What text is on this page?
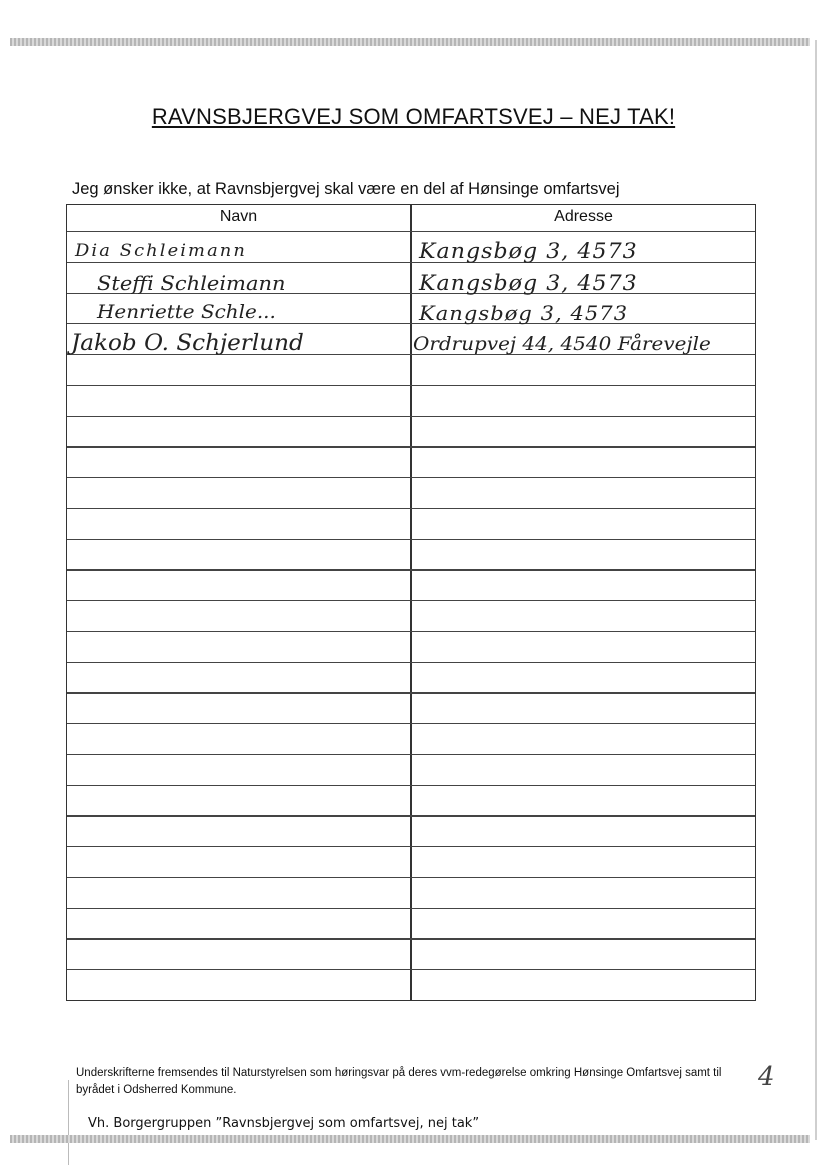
RAVNSBJERGVEJ SOM OMFARTSVEJ – NEJ TAK!
Jeg ønsker ikke, at Ravnsbjergvej skal være en del af Hønsinge omfartsvej
Navn	Adresse
Dia Schleimann	Kangsbøg 3, 4573
Steffi Schleimann	Kangsbøg 3, 4573
Henriette Schle...	Kangsbøg 3, 4573
Jakob O. Schjerlund	Ordrupvej 44, 4540 Fårevejle
Underskrifterne fremsendes til Naturstyrelsen som høringsvar på deres vvm-redegørelse omkring Hønsinge Omfartsvej samt til byrådet i Odsherred Kommune.	4
Vh. Borgergruppen ”Ravnsbjergvej som omfartsvej, nej tak”
